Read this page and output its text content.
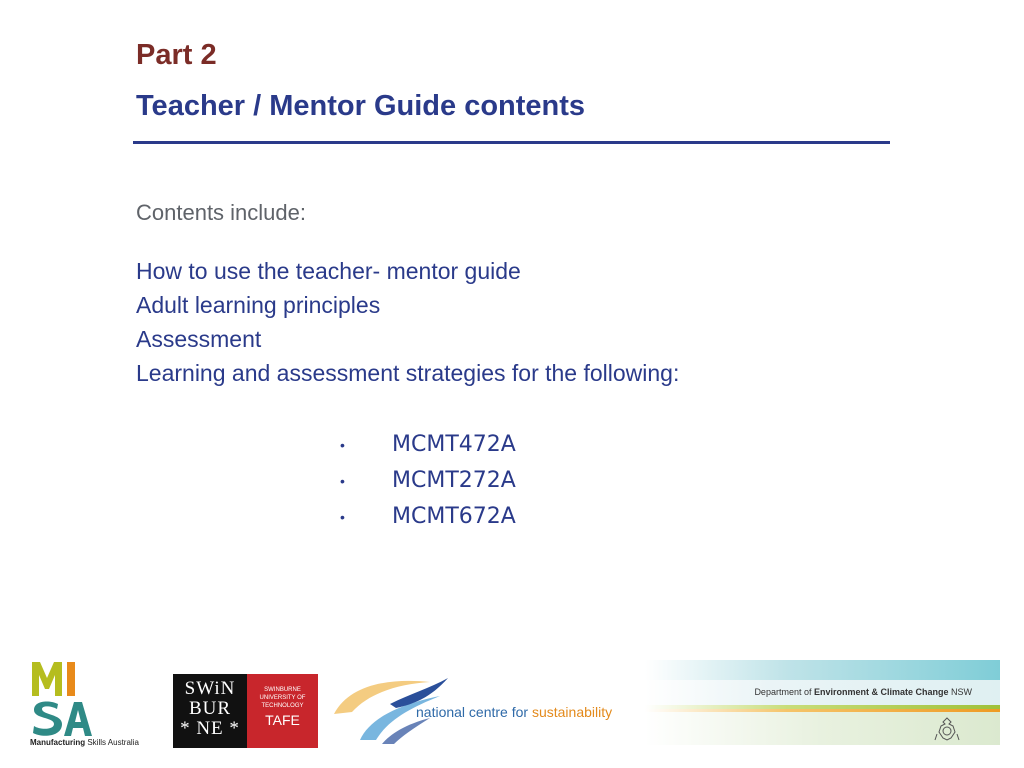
Part 2
Teacher / Mentor Guide contents
Contents include:
How to use the teacher- mentor guide
Adult learning principles
Assessment
Learning and assessment strategies for the following:
• MCMT472A
• MCMT272A
• MCMT672A
Manufacturing Skills Australia
SWiN
BUR
* NE *
SWINBURNE
UNIVERSITY OF
TECHNOLOGY
TAFE	national centre for sustainability
Department of Environment & Climate Change NSW
